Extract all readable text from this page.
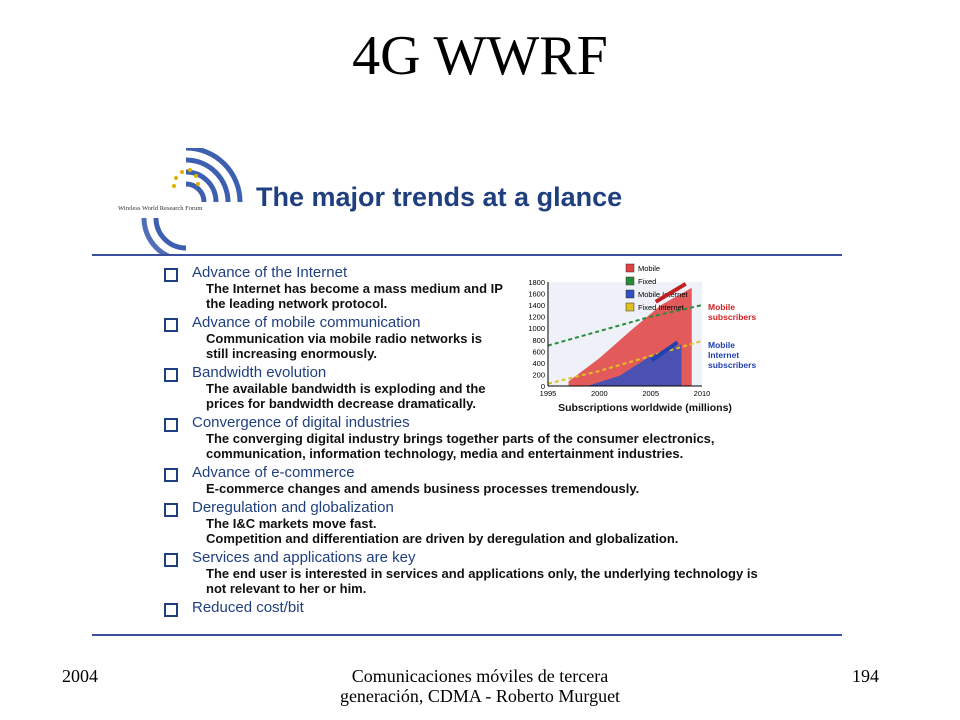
4G WWRF
Wireless World Research Forum The major trends at a glance
Advance of the Internet
The Internet has become a mass medium and IP
the leading network protocol.
Advance of mobile communication
Communication via mobile radio networks is
still increasing enormously.
Bandwidth evolution
The available bandwidth is exploding and the
prices for bandwidth decrease dramatically.
Convergence of digital industries
The converging digital industry brings together parts of the consumer electronics,
communication, information technology, media and entertainment industries.
Advance of e-commerce
E-commerce changes and amends business processes tremendously.
Deregulation and globalization
The I&C markets move fast.
Competition and differentiation are driven by deregulation and globalization.
Services and applications are key
The end user is interested in services and applications only, the underlying technology is
not relevant to her or him.
Reduced cost/bit
0
200
400
600
800
1000
1200
1400
1600
1800
1995	2000	2005	2010
Subscriptions worldwide (millions)
Mobile
Fixed
Mobile Internet
Fixed Internet	Mobile subscribers
Mobile Internet subscribers
2004	Comunicaciones móviles de tercera generación, CDMA - Roberto Murguet
194
